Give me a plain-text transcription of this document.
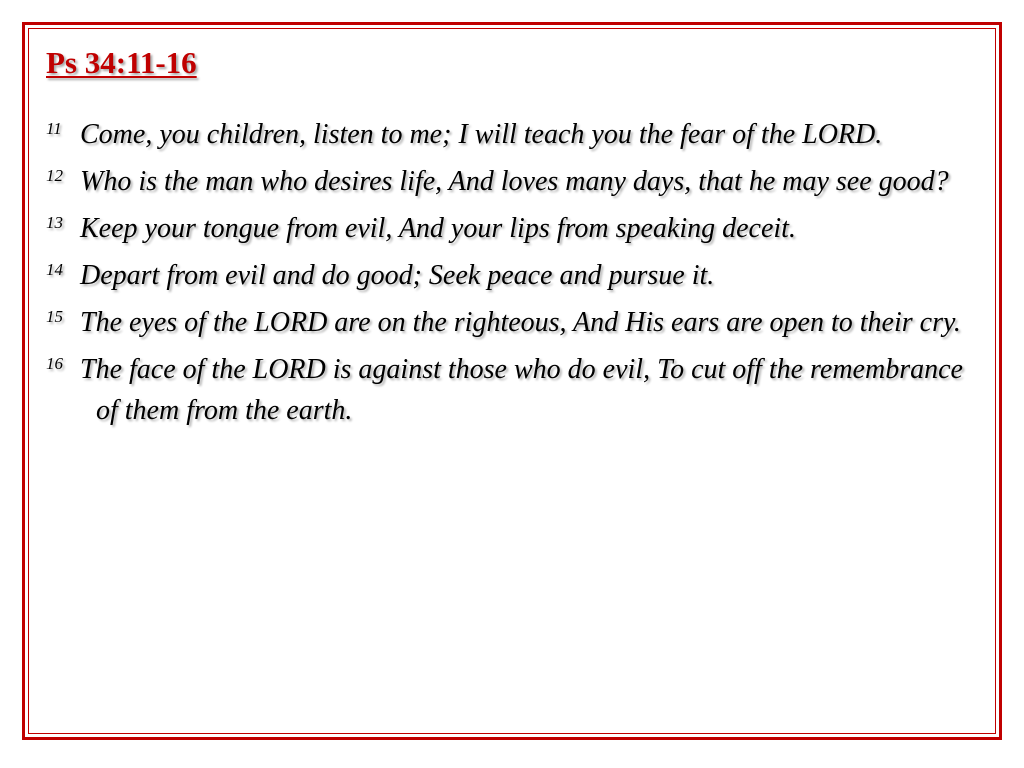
Ps 34:11-16

11 Come, you children, listen to me; I will teach you the fear of the LORD.

12 Who is the man who desires life, And loves many days, that he may see good?

13 Keep your tongue from evil, And your lips from speaking deceit.

14 Depart from evil and do good; Seek peace and pursue it.

15 The eyes of the LORD are on the righteous, And His ears are open to their cry.

16 The face of the LORD is against those who do evil, To cut off the remembrance of them from the earth.
